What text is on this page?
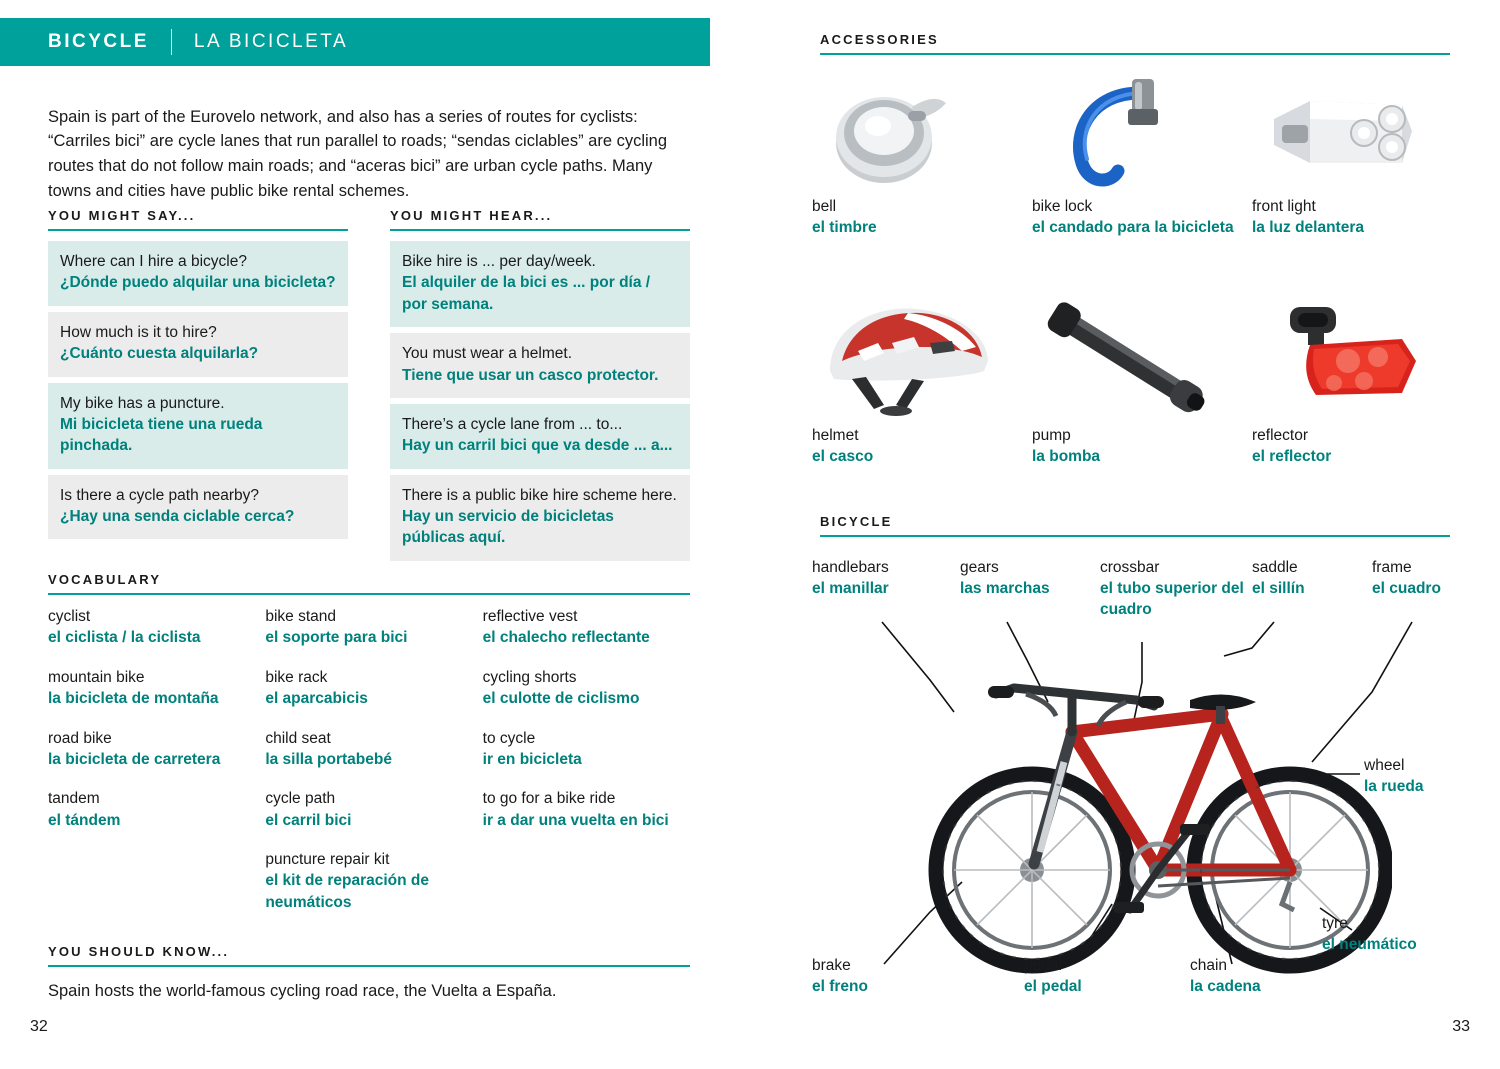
BICYCLE LA BICICLETA

Spain is part of the Eurovelo network, and also has a series of routes for cyclists: “Carriles bici” are cycle lanes that run parallel to roads; “sendas ciclables” are cycling routes that do not follow main roads; and “aceras bici” are urban cycle paths. Many towns and cities have public bike rental schemes.

YOU MIGHT SAY...
Where can I hire a bicycle?
¿Dónde puedo alquilar una bicicleta?
How much is it to hire?
¿Cuánto cuesta alquilarla?
My bike has a puncture.
Mi bicicleta tiene una rueda pinchada.
Is there a cycle path nearby?
¿Hay una senda ciclable cerca?
YOU MIGHT HEAR...
Bike hire is ... per day/week.
El alquiler de la bici es ... por día / por semana.
You must wear a helmet.
Tiene que usar un casco protector.
There’s a cycle lane from ... to...
Hay un carril bici que va desde ... a...
There is a public bike hire scheme here.
Hay un servicio de bicicletas públicas aquí.
VOCABULARY
cyclist
el ciclista / la ciclista
mountain bike
la bicicleta de montaña
road bike
la bicicleta de carretera
tandem
el tándem
bike stand
el soporte para bici
bike rack
el aparcabicis
child seat
la silla portabebé
cycle path
el carril bici
puncture repair kit
el kit de reparación de neumáticos
reflective vest
el chalecho reflectante
cycling shorts
el culotte de ciclismo
to cycle
ir en bicicleta
to go for a bike ride
ir a dar una vuelta en bici
YOU SHOULD KNOW...
Spain hosts the world-famous cycling road race, the Vuelta a España.
32
ACCESSORIES
bell
el timbre
bike lock
el candado para la bicicleta
front light
la luz delantera
helmet
el casco
pump
la bomba
reflector
el reflector
BICYCLE
handlebars
el manillar
gears
las marchas
crossbar
el tubo superior del cuadro
saddle
el sillín
frame
el cuadro
wheel
la rueda
tyre
el neumático
chain
la cadena
pedal
el pedal
brake
el freno
33
